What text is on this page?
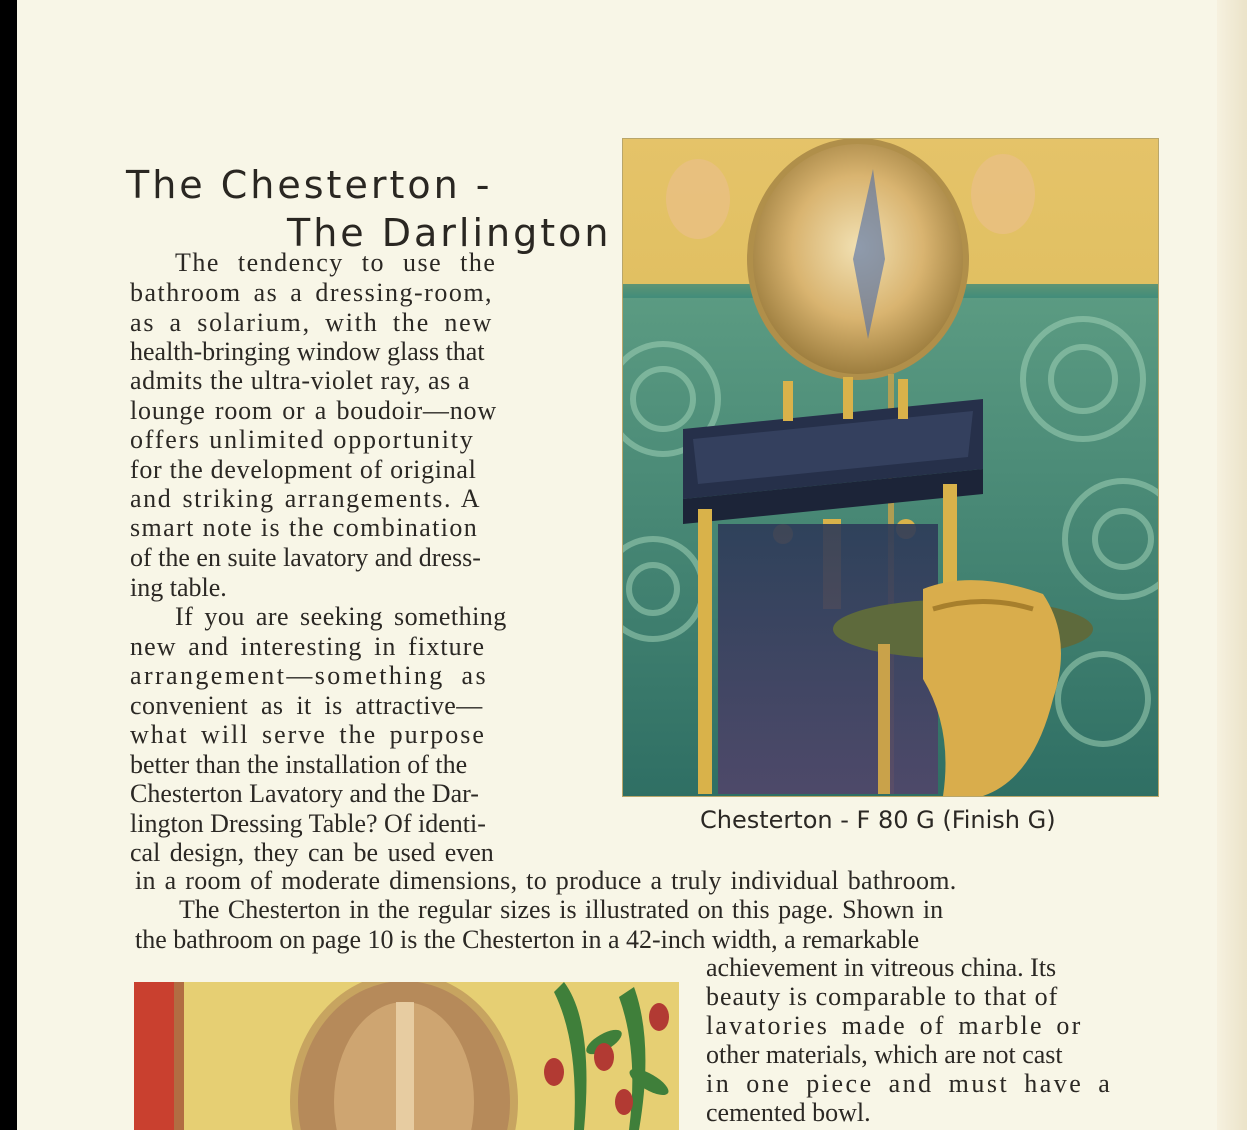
The Chesterton -
The Darlington
The tendency to use the
bathroom as a dressing-room,
as a solarium, with the new
health-bringing window glass that
admits the ultra-violet ray, as a
lounge room or a boudoir—now
offers unlimited opportunity
for the development of original
and striking arrangements. A
smart note is the combination
of the en suite lavatory and dress-
ing table.
If you are seeking something
new and interesting in fixture
arrangement—something as
convenient as it is attractive—
what will serve the purpose
better than the installation of the
Chesterton Lavatory and the Dar-
lington Dressing Table? Of identi-
cal design, they can be used even
in a room of moderate dimensions, to produce a truly individual bathroom.
The Chesterton in the regular sizes is illustrated on this page. Shown in
the bathroom on page 10 is the Chesterton in a 42-inch width, a remarkable
achievement in vitreous china. Its
beauty is comparable to that of
lavatories made of marble or
other materials, which are not cast
in one piece and must have a
cemented bowl.
Chesterton - F 80 G (Finish G)
